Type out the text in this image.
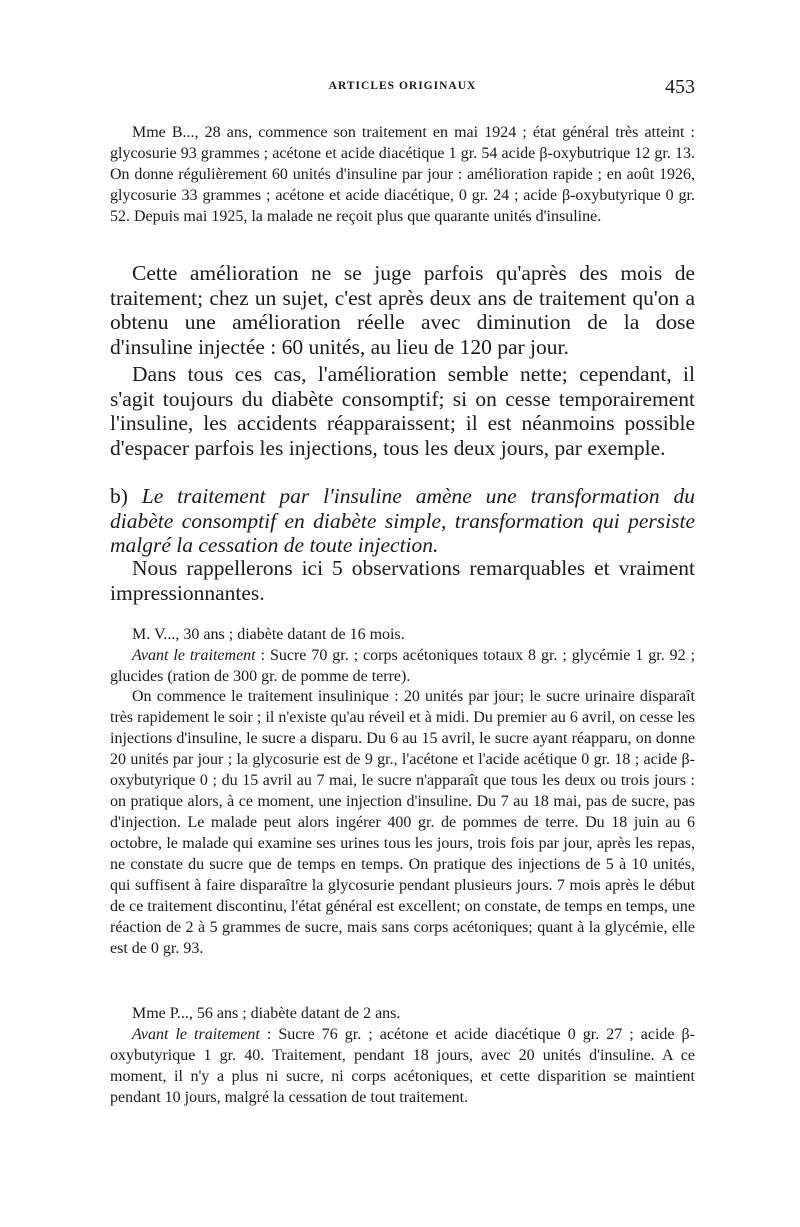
ARTICLES ORIGINAUX	453

Mme B..., 28 ans, commence son traitement en mai 1924 ; état général très atteint : glycosurie 93 grammes ; acétone et acide diacétique 1 gr. 54 acide β-oxybutrique 12 gr. 13. On donne régulièrement 60 unités d'insuline par jour : amélioration rapide ; en août 1926, glycosurie 33 grammes ; acétone et acide diacétique, 0 gr. 24 ; acide β-oxybutyrique 0 gr. 52. Depuis mai 1925, la malade ne reçoit plus que quarante unités d'insuline.

Cette amélioration ne se juge parfois qu'après des mois de traitement; chez un sujet, c'est après deux ans de traitement qu'on a obtenu une amélioration réelle avec diminution de la dose d'insuline injectée : 60 unités, au lieu de 120 par jour.

Dans tous ces cas, l'amélioration semble nette; cependant, il s'agit toujours du diabète consomptif; si on cesse temporairement l'insuline, les accidents réapparaissent; il est néanmoins possible d'espacer parfois les injections, tous les deux jours, par exemple.

b) Le traitement par l'insuline amène une transformation du diabète consomptif en diabète simple, transformation qui persiste malgré la cessation de toute injection.

Nous rappellerons ici 5 observations remarquables et vraiment impressionnantes.

M. V..., 30 ans ; diabète datant de 16 mois.

Avant le traitement : Sucre 70 gr. ; corps acétoniques totaux 8 gr. ; glycémie 1 gr. 92 ; glucides (ration de 300 gr. de pomme de terre).

On commence le traitement insulinique : 20 unités par jour; le sucre urinaire disparaît très rapidement le soir ; il n'existe qu'au réveil et à midi. Du premier au 6 avril, on cesse les injections d'insuline, le sucre a disparu. Du 6 au 15 avril, le sucre ayant réapparu, on donne 20 unités par jour ; la glycosurie est de 9 gr., l'acétone et l'acide acétique 0 gr. 18 ; acide β-oxybutyrique 0 ; du 15 avril au 7 mai, le sucre n'apparaît que tous les deux ou trois jours : on pratique alors, à ce moment, une injection d'insuline. Du 7 au 18 mai, pas de sucre, pas d'injection. Le malade peut alors ingérer 400 gr. de pommes de terre. Du 18 juin au 6 octobre, le malade qui examine ses urines tous les jours, trois fois par jour, après les repas, ne constate du sucre que de temps en temps. On pratique des injections de 5 à 10 unités, qui suffisent à faire disparaître la glycosurie pendant plusieurs jours. 7 mois après le début de ce traitement discontinu, l'état général est excellent; on constate, de temps en temps, une réaction de 2 à 5 grammes de sucre, mais sans corps acétoniques; quant à la glycémie, elle est de 0 gr. 93.

Mme P..., 56 ans ; diabète datant de 2 ans.

Avant le traitement : Sucre 76 gr. ; acétone et acide diacétique 0 gr. 27 ; acide β-oxybutyrique 1 gr. 40. Traitement, pendant 18 jours, avec 20 unités d'insuline. A ce moment, il n'y a plus ni sucre, ni corps acétoniques, et cette disparition se maintient pendant 10 jours, malgré la cessation de tout traitement.
